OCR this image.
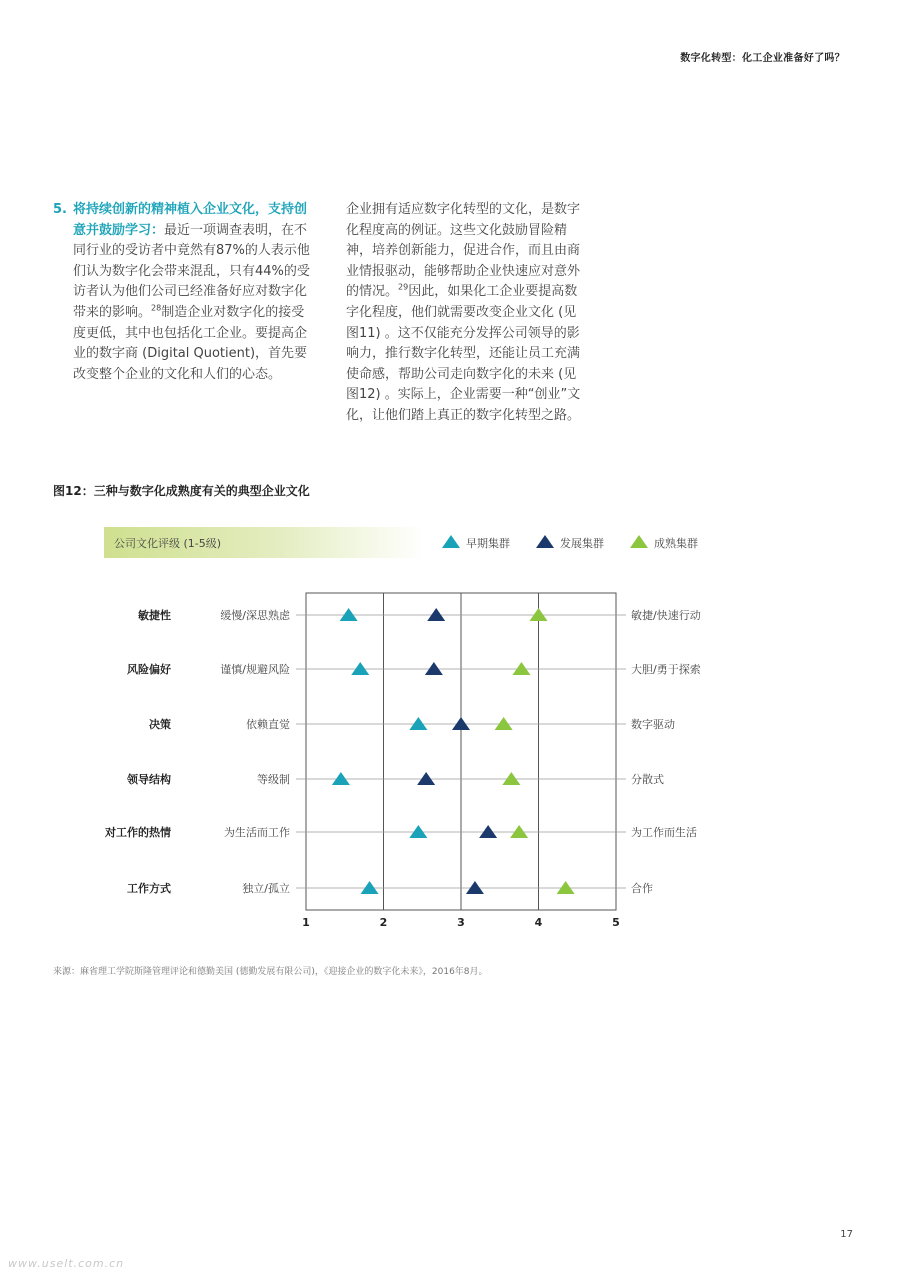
数字化转型：化工企业准备好了吗？
5. 将持续创新的精神植入企业文化，支持创意并鼓励学习：最近一项调查表明，在不同行业的受访者中竟然有87%的人表示他们认为数字化会带来混乱，只有44%的受访者认为他们公司已经准备好应对数字化带来的影响。$^{28}$制造企业对数字化的接受度更低，其中也包括化工企业。要提高企业的数字商 (Digital Quotient)，首先要改变整个企业的文化和人们的心态。
企业拥有适应数字化转型的文化，是数字化程度高的例证。这些文化鼓励冒险精神，培养创新能力，促进合作，而且由商业情报驱动，能够帮助企业快速应对意外的情况。$^{29}$因此，如果化工企业要提高数字化程度，他们就需要改变企业文化 (见图11) 。这不仅能充分发挥公司领导的影响力，推行数字化转型，还能让员工充满使命感，帮助公司走向数字化的未来 (见图12) 。实际上，企业需要一种“创业”文化，让他们踏上真正的数字化转型之路。
图12：三种与数字化成熟度有关的典型企业文化
公司文化评级 (1-5级)	早期集群	发展集群	成熟集群
敏捷性	缓慢/深思熟虑	敏捷/快速行动
风险偏好	谨慎/规避风险	大胆/勇于探索
决策	依赖直觉	数字驱动
领导结构	等级制	分散式
对工作的热情	为生活而工作	为工作而生活
工作方式	独立/孤立	合作
1	2	3	4	5
来源：麻省理工学院斯隆管理评论和德勤美国 (德勤发展有限公司)，《迎接企业的数字化未来》，2016年8月。
17
www.uselt.com.cn
